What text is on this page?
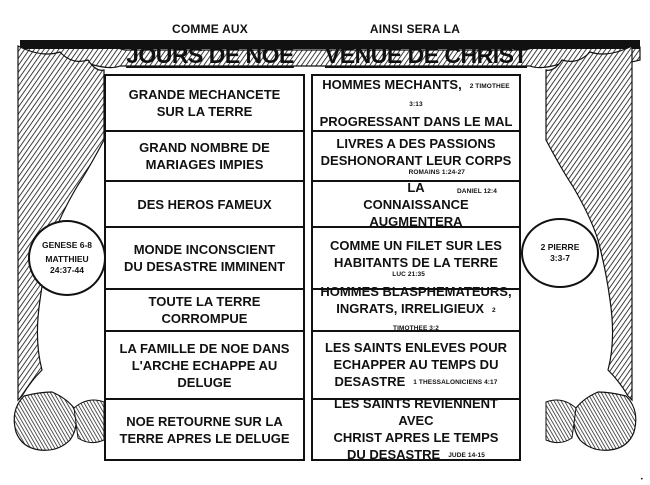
COMME AUX
JOURS DE NOE
AINSI SERA LA
VENUE DE CHRIST
GRANDE MECHANCETE
SUR LA TERRE
GRAND NOMBRE DE
MARIAGES IMPIES
DES HEROS FAMEUX
MONDE INCONSCIENT
DU DESASTRE IMMINENT
TOUTE LA TERRE
CORROMPUE
LA FAMILLE DE NOE DANS
L'ARCHE ECHAPPE AU DELUGE
NOE RETOURNE SUR LA
TERRE APRES LE DELUGE
HOMMES MECHANTS, 2 TIMOTHEE 3:13
PROGRESSANT DANS LE MAL
LIVRES A DES PASSIONS
DESHONORANT LEUR CORPS
ROMAINS 1:24-27
LA	DANIEL 12:4
CONNAISSANCE AUGMENTERA
COMME UN FILET SUR LES
HABITANTS DE LA TERRE
LUC 21:35
HOMMES BLASPHEMATEURS,
INGRATS, IRRELIGIEUX 2 TIMOTHEE 3:2
LES SAINTS ENLEVES POUR
ECHAPPER AU TEMPS DU
DESASTRE 1 THESSALONICIENS 4:17
LES SAINTS REVIENNENT AVEC
CHRIST APRES LE TEMPS
DU DESASTRE JUDE 14-15
GENESE 6-8
MATTHIEU
24:37-44
2 PIERRE
3:3-7
•
•
